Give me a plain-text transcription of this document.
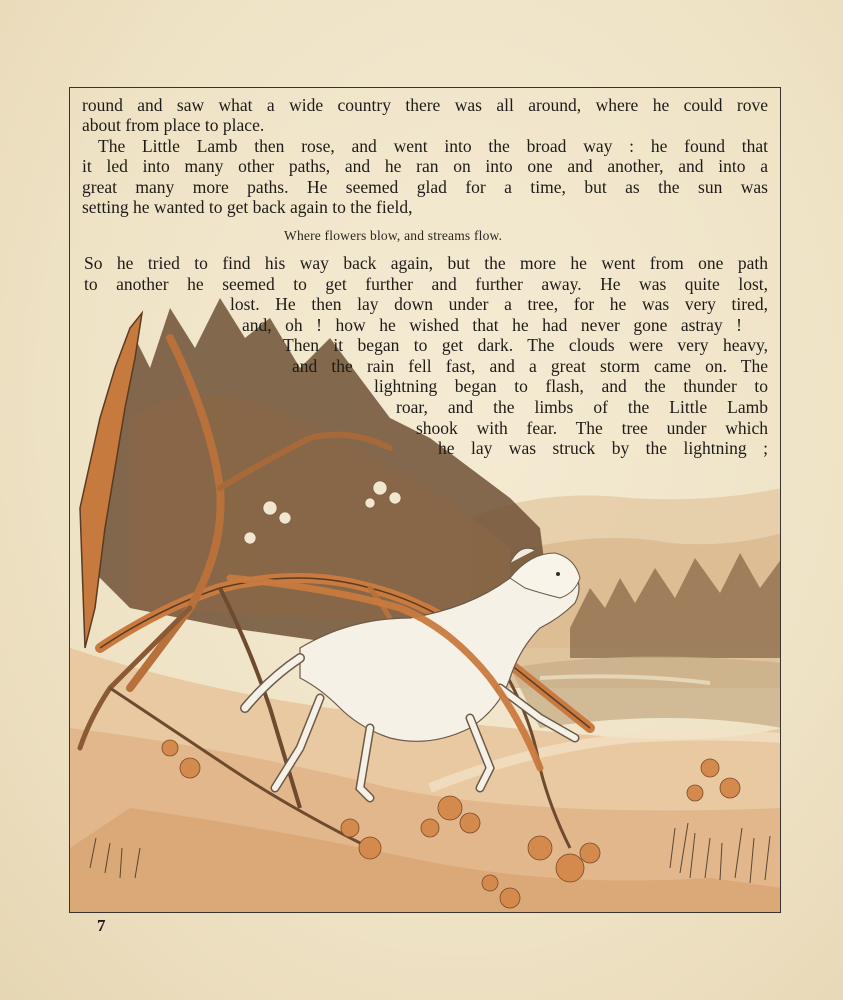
round and saw what a wide country there was all around, where he could rove
about from place to place.
The Little Lamb then rose, and went into the broad way : he found that
it led into many other paths, and he ran on into one and another, and into a
great many more paths. He seemed glad for a time, but as the sun was
setting he wanted to get back again to the field,
Where flowers blow, and streams flow.
So he tried to find his way back again, but the more he went from one path
to another he seemed to get further and further away. He was quite lost,
lost. He then lay down under a tree, for he was very tired,
and, oh ! how he wished that he had never gone astray !
Then it began to get dark. The clouds were very heavy,
and the rain fell fast, and a great storm came on. The
lightning began to flash, and the thunder to
roar, and the limbs of the Little Lamb
shook with fear. The tree under which
he lay was struck by the lightning ;
7
